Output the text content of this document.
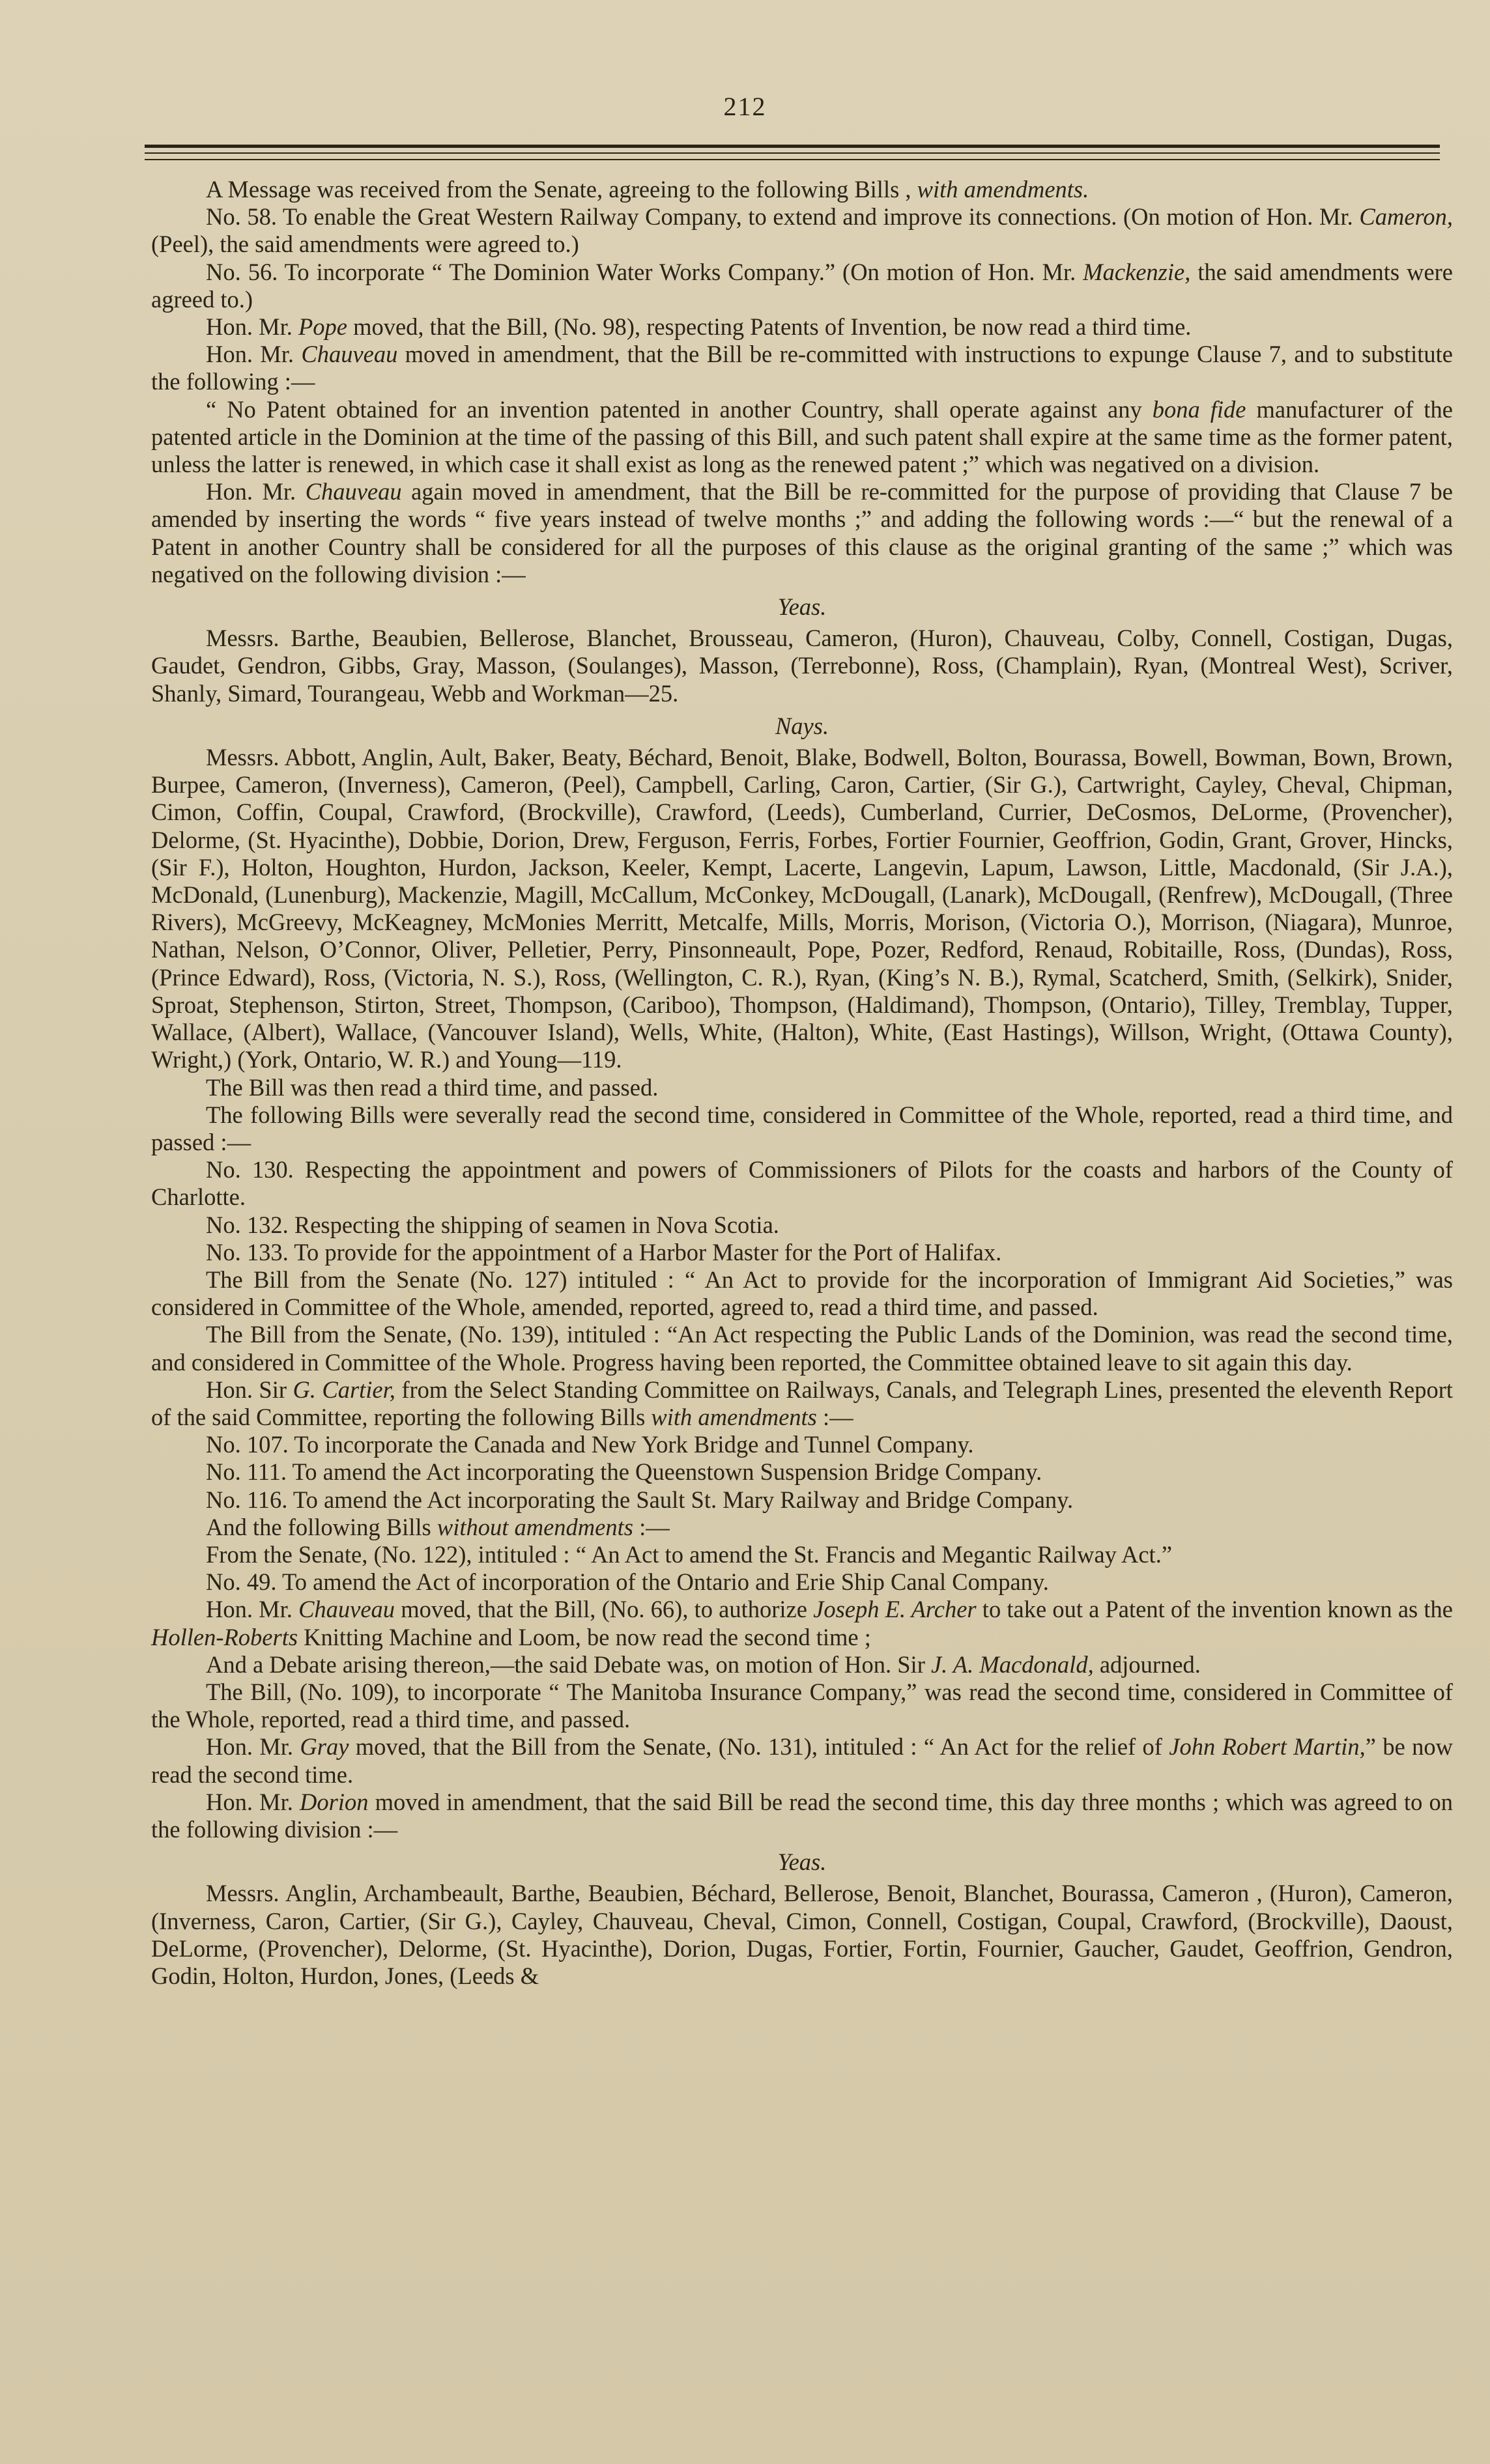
212

A Message was received from the Senate, agreeing to the following Bills , with amendments.

No. 58. To enable the Great Western Railway Company, to extend and improve its connections. (On motion of Hon. Mr. Cameron, (Peel), the said amendments were agreed to.)

No. 56. To incorporate “ The Dominion Water Works Company.” (On motion of Hon. Mr. Mackenzie, the said amendments were agreed to.)

Hon. Mr. Pope moved, that the Bill, (No. 98), respecting Patents of Invention, be now read a third time.

Hon. Mr. Chauveau moved in amendment, that the Bill be re-committed with instructions to expunge Clause 7, and to substitute the following :—

“ No Patent obtained for an invention patented in another Country, shall operate against any bona fide manufacturer of the patented article in the Dominion at the time of the passing of this Bill, and such patent shall expire at the same time as the former patent, unless the latter is renewed, in which case it shall exist as long as the renewed patent ;” which was negatived on a division.

Hon. Mr. Chauveau again moved in amendment, that the Bill be re-committed for the purpose of providing that Clause 7 be amended by inserting the words “ five years instead of twelve months ;” and adding the following words :—“ but the renewal of a Patent in another Country shall be considered for all the purposes of this clause as the original granting of the same ;” which was negatived on the following division :—

Yeas.

Messrs. Barthe, Beaubien, Bellerose, Blanchet, Brousseau, Cameron, (Huron), Chauveau, Colby, Connell, Costigan, Dugas, Gaudet, Gendron, Gibbs, Gray, Masson, (Soulanges), Masson, (Terrebonne), Ross, (Champlain), Ryan, (Montreal West), Scriver, Shanly, Simard, Tourangeau, Webb and Workman—25.

Nays.

Messrs. Abbott, Anglin, Ault, Baker, Beaty, Béchard, Benoit, Blake, Bodwell, Bolton, Bourassa, Bowell, Bowman, Bown, Brown, Burpee, Cameron, (Inverness), Cameron, (Peel), Campbell, Carling, Caron, Cartier, (Sir G.), Cartwright, Cayley, Cheval, Chipman, Cimon, Coffin, Coupal, Crawford, (Brockville), Crawford, (Leeds), Cumberland, Currier, DeCosmos, DeLorme, (Provencher), Delorme, (St. Hyacinthe), Dobbie, Dorion, Drew, Ferguson, Ferris, Forbes, Fortier Fournier, Geoffrion, Godin, Grant, Grover, Hincks, (Sir F.), Holton, Houghton, Hurdon, Jackson, Keeler, Kempt, Lacerte, Langevin, Lapum, Lawson, Little, Macdonald, (Sir J.A.), McDonald, (Lunenburg), Mackenzie, Magill, McCallum, McConkey, McDougall, (Lanark), McDougall, (Renfrew), McDougall, (Three Rivers), McGreevy, McKeagney, McMonies Merritt, Metcalfe, Mills, Morris, Morison, (Victoria O.), Morrison, (Niagara), Munroe, Nathan, Nelson, O’Connor, Oliver, Pelletier, Perry, Pinsonneault, Pope, Pozer, Redford, Renaud, Robitaille, Ross, (Dundas), Ross, (Prince Edward), Ross, (Victoria, N. S.), Ross, (Wellington, C. R.), Ryan, (King’s N. B.), Rymal, Scatcherd, Smith, (Selkirk), Snider, Sproat, Stephenson, Stirton, Street, Thompson, (Cariboo), Thompson, (Haldimand), Thompson, (Ontario), Tilley, Tremblay, Tupper, Wallace, (Albert), Wallace, (Vancouver Island), Wells, White, (Halton), White, (East Hastings), Willson, Wright, (Ottawa County), Wright,) (York, Ontario, W. R.) and Young—119.

The Bill was then read a third time, and passed.

The following Bills were severally read the second time, considered in Committee of the Whole, reported, read a third time, and passed :—

No. 130. Respecting the appointment and powers of Commissioners of Pilots for the coasts and harbors of the County of Charlotte.

No. 132. Respecting the shipping of seamen in Nova Scotia.

No. 133. To provide for the appointment of a Harbor Master for the Port of Halifax.

The Bill from the Senate (No. 127) intituled : “ An Act to provide for the incorporation of Immigrant Aid Societies,” was considered in Committee of the Whole, amended, reported, agreed to, read a third time, and passed.

The Bill from the Senate, (No. 139), intituled : “An Act respecting the Public Lands of the Dominion, was read the second time, and considered in Committee of the Whole. Progress having been reported, the Committee obtained leave to sit again this day.

Hon. Sir G. Cartier, from the Select Standing Committee on Railways, Canals, and Telegraph Lines, presented the eleventh Report of the said Committee, reporting the following Bills with amendments :—

No. 107. To incorporate the Canada and New York Bridge and Tunnel Company.

No. 111. To amend the Act incorporating the Queenstown Suspension Bridge Company.

No. 116. To amend the Act incorporating the Sault St. Mary Railway and Bridge Company.

And the following Bills without amendments :—

From the Senate, (No. 122), intituled : “ An Act to amend the St. Francis and Megantic Railway Act.”

No. 49. To amend the Act of incorporation of the Ontario and Erie Ship Canal Company.

Hon. Mr. Chauveau moved, that the Bill, (No. 66), to authorize Joseph E. Archer to take out a Patent of the invention known as the Hollen-Roberts Knitting Machine and Loom, be now read the second time ;

And a Debate arising thereon,—the said Debate was, on motion of Hon. Sir J. A. Macdonald, adjourned.

The Bill, (No. 109), to incorporate “ The Manitoba Insurance Company,” was read the second time, considered in Committee of the Whole, reported, read a third time, and passed.

Hon. Mr. Gray moved, that the Bill from the Senate, (No. 131), intituled : “ An Act for the relief of John Robert Martin,” be now read the second time.

Hon. Mr. Dorion moved in amendment, that the said Bill be read the second time, this day three months ; which was agreed to on the following division :—

Yeas.

Messrs. Anglin, Archambeault, Barthe, Beaubien, Béchard, Bellerose, Benoit, Blanchet, Bourassa, Cameron , (Huron), Cameron, (Inverness, Caron, Cartier, (Sir G.), Cayley, Chauveau, Cheval, Cimon, Connell, Costigan, Coupal, Crawford, (Brockville), Daoust, DeLorme, (Provencher), Delorme, (St. Hyacinthe), Dorion, Dugas, Fortier, Fortin, Fournier, Gaucher, Gaudet, Geoffrion, Gendron, Godin, Holton, Hurdon, Jones, (Leeds &
